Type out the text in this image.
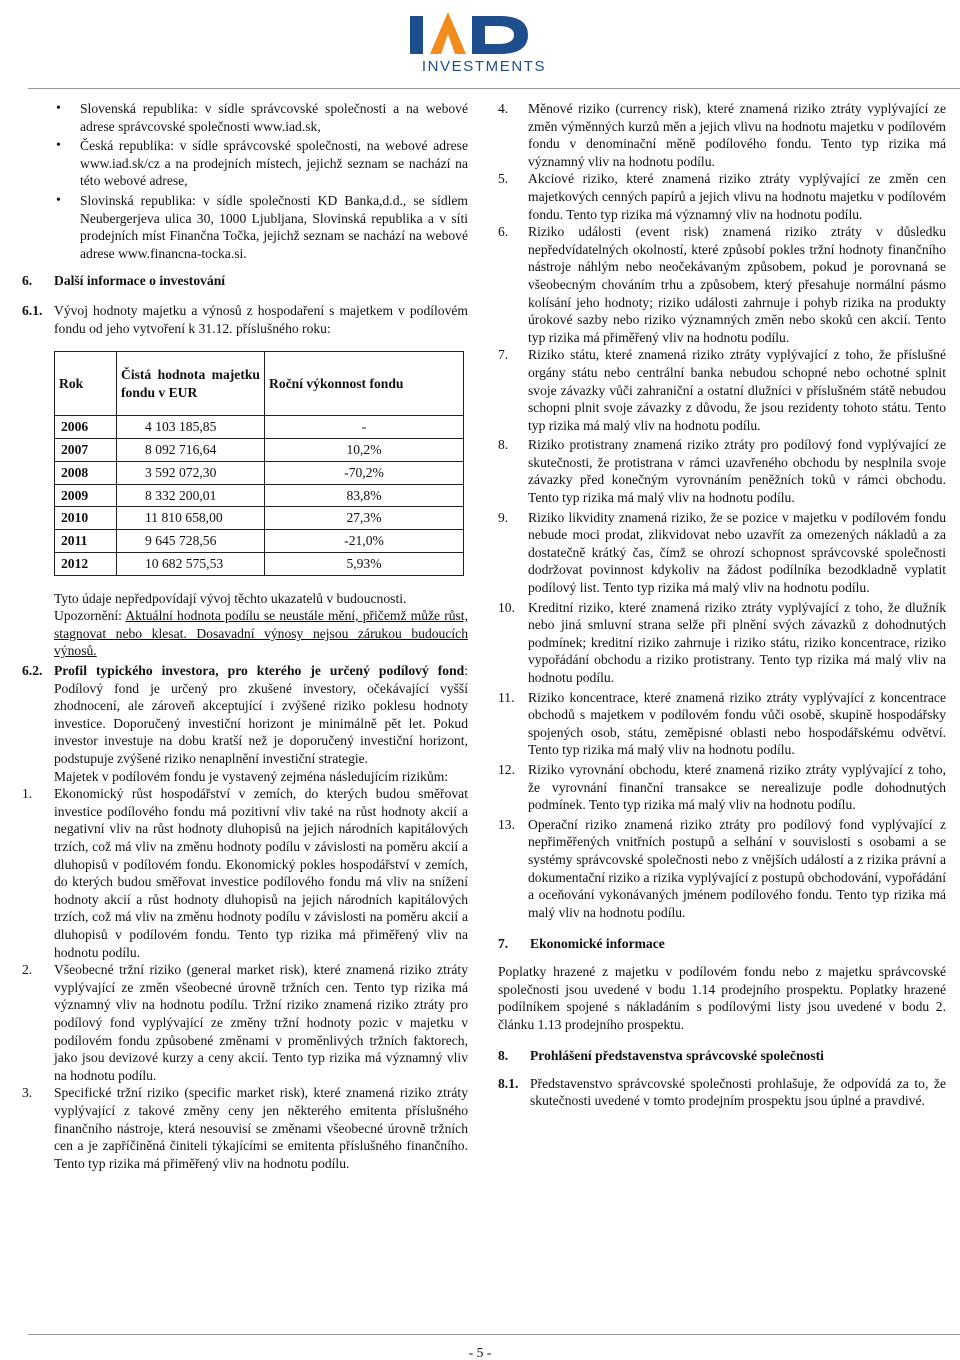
INVESTMENTS
• Slovenská republika: v sídle správcovské společnosti a na webové adrese správcovské společnosti www.iad.sk,
• Česká republika: v sídle správcovské společnosti, na webové adrese www.iad.sk/cz a na prodejních místech, jejichž seznam se nachází na této webové adrese,
• Slovinská republika: v sídle společnosti KD Banka,d.d., se sídlem Neubergerjeva ulica 30, 1000 Ljubljana, Slovinská republika a v síti prodejních míst Finančna Točka, jejichž seznam se nachází na webové adrese www.financna-tocka.si.
6.	Další informace o investování
6.1. Vývoj hodnoty majetku a výnosů z hospodaření s majetkem v podílovém fondu od jeho vytvoření k 31.12. příslušného roku:
Rok	Čistá hodnota majetku fondu v EUR	Roční výkonnost fondu
2006	4 103 185,85	-
2007	8 092 716,64	10,2%
2008	3 592 072,30	-70,2%
2009	8 332 200,01	83,8%
2010	11 810 658,00	27,3%
2011	9 645 728,56	-21,0%
2012	10 682 575,53	5,93%

Tyto údaje nepředpovídají vývoj těchto ukazatelů v budoucnosti.

Upozornění: Aktuální hodnota podílu se neustále mění, přičemž může růst, stagnovat nebo klesat. Dosavadní výnosy nejsou zárukou budoucích výnosů.

6.2. Profil typického investora, pro kterého je určený podílový fond: Podílový fond je určený pro zkušené investory, očekávající vyšší zhodnocení, ale zároveň akceptující i zvýšené riziko poklesu hodnoty investice. Doporučený investiční horizont je minimálně pět let. Pokud investor investuje na dobu kratší než je doporučený investiční horizont, podstupuje zvýšené riziko nenaplnění investiční strategie.

Majetek v podílovém fondu je vystavený zejména následujícím rizikům:

1.	Ekonomický růst hospodářství v zemích, do kterých budou směřovat investice podílového fondu má pozitivní vliv také na růst hodnoty akcií a negativní vliv na růst hodnoty dluhopisů na jejich národních kapitálových trzích, což má vliv na změnu hodnoty podílu v závislosti na poměru akcií a dluhopisů v podílovém fondu. Ekonomický pokles hospodářství v zemích, do kterých budou směřovat investice podílového fondu má vliv na snížení hodnoty akcií a růst hodnoty dluhopisů na jejich národních kapitálových trzích, což má vliv na změnu hodnoty podílu v závislosti na poměru akcií a dluhopisů v podílovém fondu. Tento typ rizika má přiměřený vliv na hodnotu podílu.
2.	Všeobecné tržní riziko (general market risk), které znamená riziko ztráty vyplývající ze změn všeobecné úrovně tržních cen. Tento typ rizika má významný vliv na hodnotu podílu. Tržní riziko znamená riziko ztráty pro podílový fond vyplývající ze změny tržní hodnoty pozic v majetku v podílovém fondu způsobené změnami v proměnlivých tržních faktorech, jako jsou devizové kurzy a ceny akcií. Tento typ rizika má významný vliv na hodnotu podílu.
3.	Specifické tržní riziko (specific market risk), které znamená riziko ztráty vyplývající z takové změny ceny jen některého emitenta příslušného finančního nástroje, která nesouvisí se změnami všeobecné úrovně tržních cen a je zapříčiněná činiteli týkajícími se emitenta příslušného finančního. Tento typ rizika má přiměřený vliv na hodnotu podílu.
4.	Měnové riziko (currency risk), které znamená riziko ztráty vyplývající ze změn výměnných kurzů měn a jejich vlivu na hodnotu majetku v podílovém fondu v denominační měně podílového fondu. Tento typ rizika má významný vliv na hodnotu podílu.
5.	Akciové riziko, které znamená riziko ztráty vyplývající ze změn cen majetkových cenných papírů a jejich vlivu na hodnotu majetku v podílovém fondu. Tento typ rizika má významný vliv na hodnotu podílu.
6.	Riziko události (event risk) znamená riziko ztráty v důsledku nepředvídatelných okolností, které způsobí pokles tržní hodnoty finančního nástroje náhlým nebo neočekávaným způsobem, pokud je porovnaná se všeobecným chováním trhu a způsobem, který přesahuje normální pásmo kolísání jeho hodnoty; riziko události zahrnuje i pohyb rizika na produkty úrokové sazby nebo riziko významných změn nebo skoků cen akcií. Tento typ rizika má přiměřený vliv na hodnotu podílu.
7.	Riziko státu, které znamená riziko ztráty vyplývající z toho, že příslušné orgány státu nebo centrální banka nebudou schopné nebo ochotné splnit svoje závazky vůči zahraniční a ostatní dlužníci v příslušném státě nebudou schopni plnit svoje závazky z důvodu, že jsou rezidenty tohoto státu. Tento typ rizika má malý vliv na hodnotu podílu.
8.	Riziko protistrany znamená riziko ztráty pro podílový fond vyplývající ze skutečnosti, že protistrana v rámci uzavřeného obchodu by nesplnila svoje závazky před konečným vyrovnáním peněžních toků v rámci obchodu. Tento typ rizika má malý vliv na hodnotu podílu.
9.	Riziko likvidity znamená riziko, že se pozice v majetku v podílovém fondu nebude moci prodat, zlikvidovat nebo uzavřít za omezených nákladů a za dostatečně krátký čas, čímž se ohrozí schopnost správcovské společnosti dodržovat povinnost kdykoliv na žádost podílníka bezodkladně vyplatit podílový list. Tento typ rizika má malý vliv na hodnotu podílu.
10. Kreditní riziko, které znamená riziko ztráty vyplývající z toho, že dlužník nebo jiná smluvní strana selže při plnění svých závazků z dohodnutých podmínek; kreditní riziko zahrnuje i riziko státu, riziko koncentrace, riziko vypořádání obchodu a riziko protistrany. Tento typ rizika má malý vliv na hodnotu podílu.
11. Riziko koncentrace, které znamená riziko ztráty vyplývající z koncentrace obchodů s majetkem v podílovém fondu vůči osobě, skupině hospodářsky spojených osob, státu, zeměpisné oblasti nebo hospodářskému odvětví. Tento typ rizika má malý vliv na hodnotu podílu.
12. Riziko vyrovnání obchodu, které znamená riziko ztráty vyplývající z toho, že vyrovnání finanční transakce se nerealizuje podle dohodnutých podmínek. Tento typ rizika má malý vliv na hodnotu podílu.
13. Operační riziko znamená riziko ztráty pro podílový fond vyplývající z nepřiměřených vnitřních postupů a selhání v souvislosti s osobami a se systémy správcovské společnosti nebo z vnějších událostí a z rizika právní a dokumentační riziko a rizika vyplývající z postupů obchodování, vypořádání a oceňování vykonávaných jménem podílového fondu. Tento typ rizika má malý vliv na hodnotu podílu.
7.	Ekonomické informace

Poplatky hrazené z majetku v podílovém fondu nebo z majetku správcovské společnosti jsou uvedené v bodu 1.14 prodejního prospektu. Poplatky hrazené podílníkem spojené s nákladáním s podílovými listy jsou uvedené v bodu 2. článku 1.13 prodejního prospektu.

8.	Prohlášení představenstva správcovské společnosti
8.1. Představenstvo správcovské společnosti prohlašuje, že odpovídá za to, že skutečnosti uvedené v tomto prodejním prospektu jsou úplné a pravdivé.
- 5 -
